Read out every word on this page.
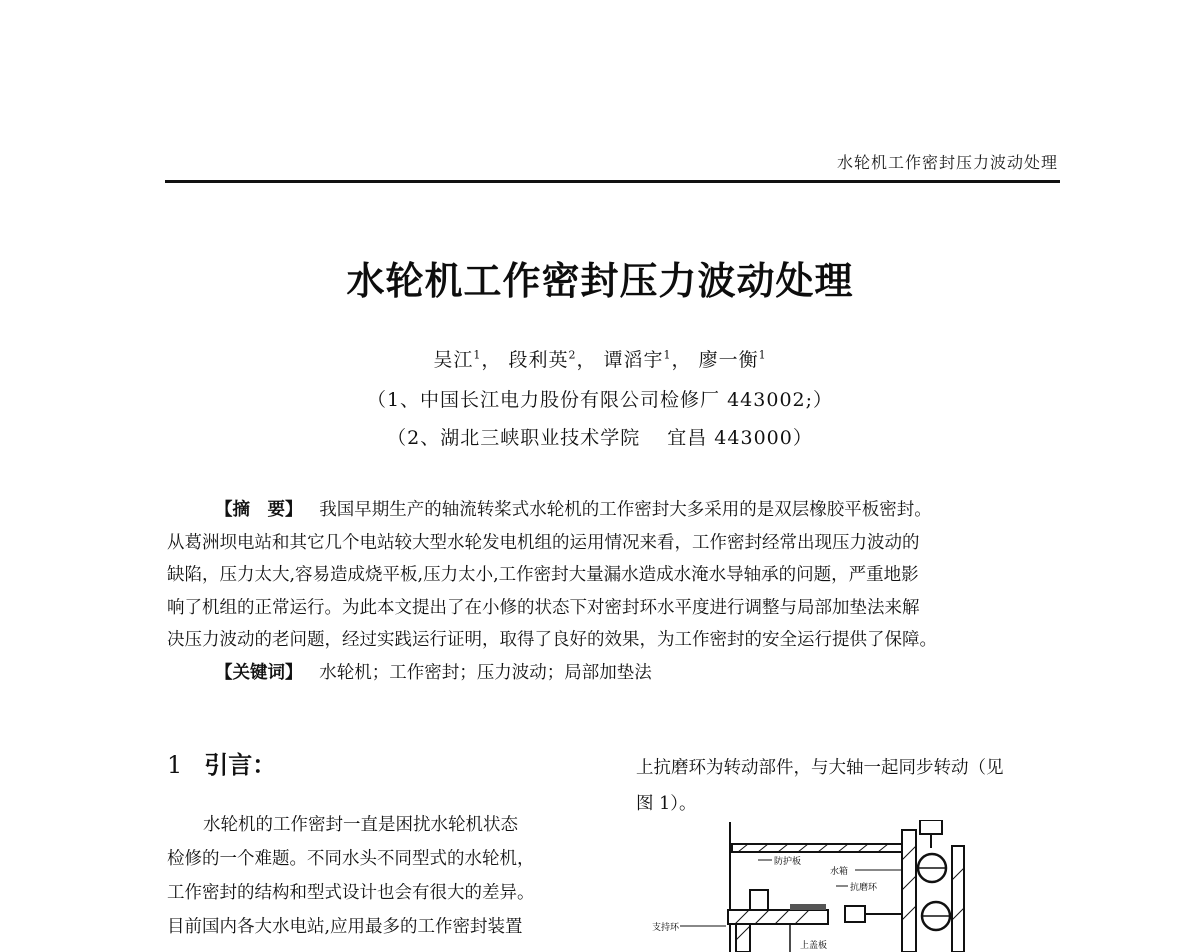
水轮机工作密封压力波动处理
水轮机工作密封压力波动处理
吴江$^1$， 段利英$^2$， 谭滔宇$^1$， 廖一衡$^1$
（1、中国长江电力股份有限公司检修厂 443002;）
（2、湖北三峡职业技术学院　 宜昌 443000）
【摘　要】 我国早期生产的轴流转桨式水轮机的工作密封大多采用的是双层橡胶平板密封。
从葛洲坝电站和其它几个电站较大型水轮发电机组的运用情况来看，工作密封经常出现压力波动的
缺陷，压力太大,容易造成烧平板,压力太小,工作密封大量漏水造成水淹水导轴承的问题，严重地影
响了机组的正常运行。为此本文提出了在小修的状态下对密封环水平度进行调整与局部加垫法来解
决压力波动的老问题，经过实践运行证明，取得了良好的效果，为工作密封的安全运行提供了保障。
【关键词】 水轮机；工作密封；压力波动；局部加垫法
1 引言：
水轮机的工作密封一直是困扰水轮机状态
检修的一个难题。不同水头不同型式的水轮机，
工作密封的结构和型式设计也会有很大的差异。
目前国内各大水电站,应用最多的工作密封装置
上抗磨环为转动部件，与大轴一起同步转动（见
图 1）。
防护板
水箱
抗磨环
支持环
上盖板
